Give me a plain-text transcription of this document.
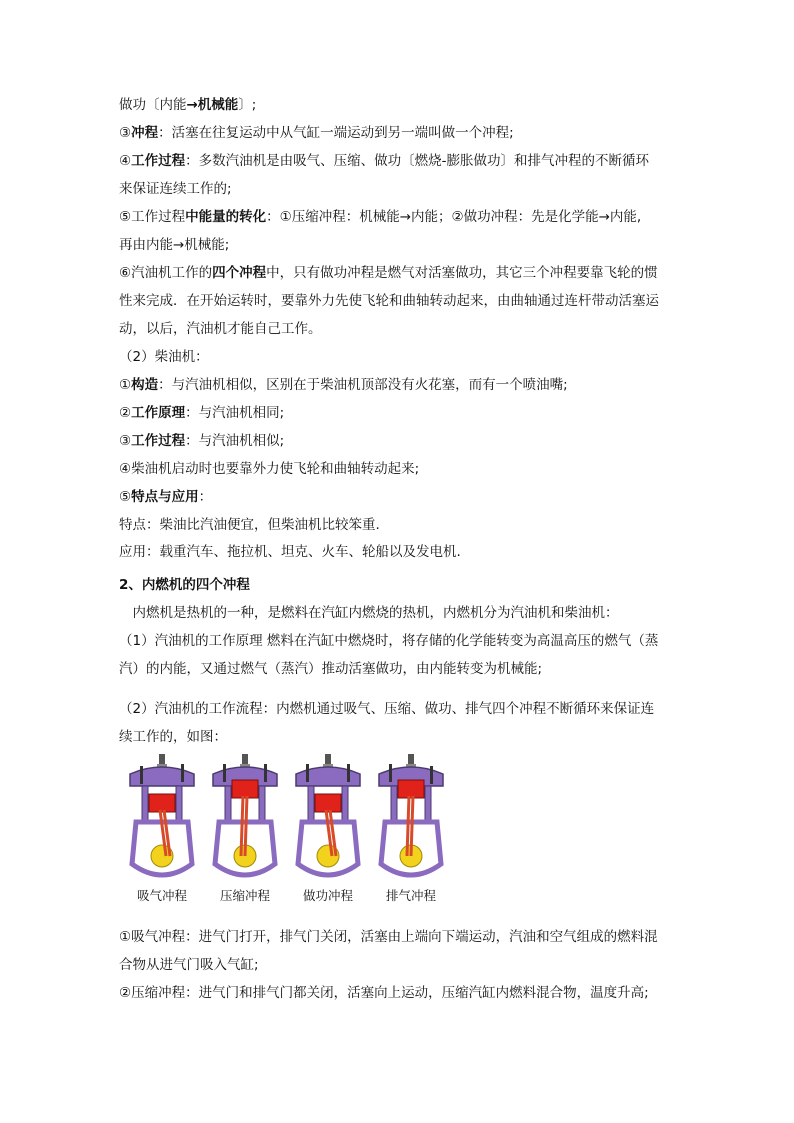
做功〔内能→机械能〕;
③冲程：活塞在往复运动中从气缸一端运动到另一端叫做一个冲程;
④工作过程：多数汽油机是由吸气、压缩、做功〔燃烧-膨胀做功〕和排气冲程的不断循环
来保证连续工作的;
⑤工作过程中能量的转化：①压缩冲程：机械能→内能；②做功冲程：先是化学能→内能,
再由内能→机械能;
⑥汽油机工作的四个冲程中，只有做功冲程是燃气对活塞做功，其它三个冲程要靠飞轮的惯
性来完成．在开始运转时，要靠外力先使飞轮和曲轴转动起来，由曲轴通过连杆带动活塞运
动，以后，汽油机才能自己工作。
（2）柴油机：
①构造：与汽油机相似，区别在于柴油机顶部没有火花塞，而有一个喷油嘴;
②工作原理：与汽油机相同;
③工作过程：与汽油机相似;
④柴油机启动时也要靠外力使飞轮和曲轴转动起来;
⑤特点与应用：
特点：柴油比汽油便宜，但柴油机比较笨重.
应用：载重汽车、拖拉机、坦克、火车、轮船以及发电机.
2、内燃机的四个冲程
　内燃机是热机的一种，是燃料在汽缸内燃烧的热机，内燃机分为汽油机和柴油机：
（1）汽油机的工作原理 燃料在汽缸中燃烧时，将存储的化学能转变为高温高压的燃气（蒸
汽）的内能，又通过燃气（蒸汽）推动活塞做功，由内能转变为机械能;
（2）汽油机的工作流程：内燃机通过吸气、压缩、做功、排气四个冲程不断循环来保证连
续工作的，如图：
①吸气冲程：进气门打开，排气门关闭，活塞由上端向下端运动，汽油和空气组成的燃料混
合物从进气门吸入气缸;
②压缩冲程：进气门和排气门都关闭，活塞向上运动，压缩汽缸内燃料混合物，温度升高;
吸气冲程	压缩冲程	做功冲程	排气冲程
